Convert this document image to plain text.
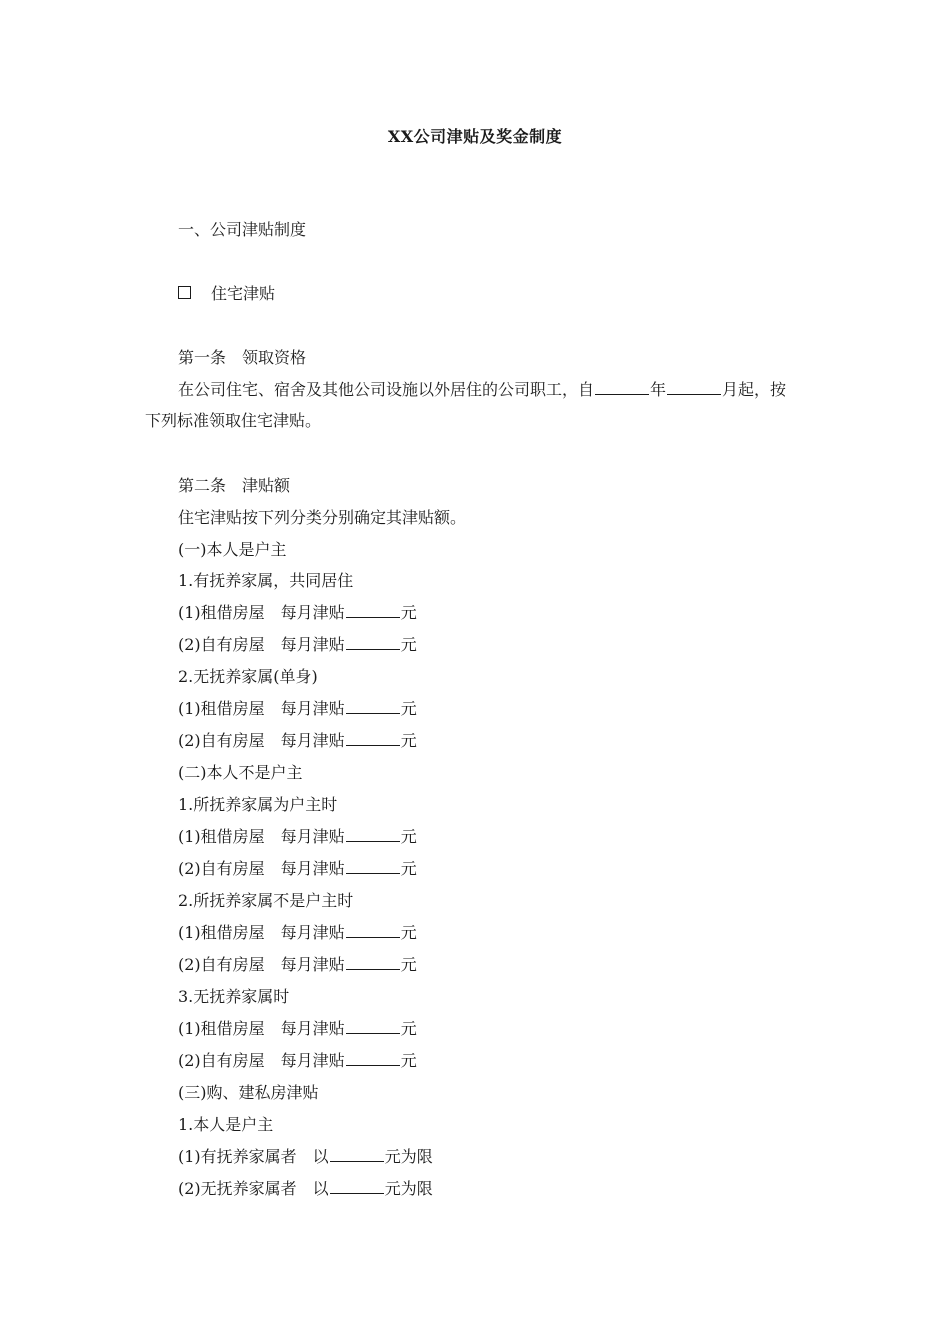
XX公司津贴及奖金制度
一、公司津贴制度
住宅津贴
第一条 领取资格
在公司住宅、宿舍及其他公司设施以外居住的公司职工，自	年	月起，按
下列标准领取住宅津贴。
第二条 津贴额
住宅津贴按下列分类分别确定其津贴额。
(一)本人是户主
1.有抚养家属，共同居住
(1)租借房屋 每月津贴	元
(2)自有房屋 每月津贴	元
2.无抚养家属(单身)
(1)租借房屋 每月津贴	元
(2)自有房屋 每月津贴	元
(二)本人不是户主
1.所抚养家属为户主时
(1)租借房屋 每月津贴	元
(2)自有房屋 每月津贴	元
2.所抚养家属不是户主时
(1)租借房屋 每月津贴	元
(2)自有房屋 每月津贴	元
3.无抚养家属时
(1)租借房屋 每月津贴	元
(2)自有房屋 每月津贴	元
(三)购、建私房津贴
1.本人是户主
(1)有抚养家属者 以	元为限
(2)无抚养家属者 以	元为限
